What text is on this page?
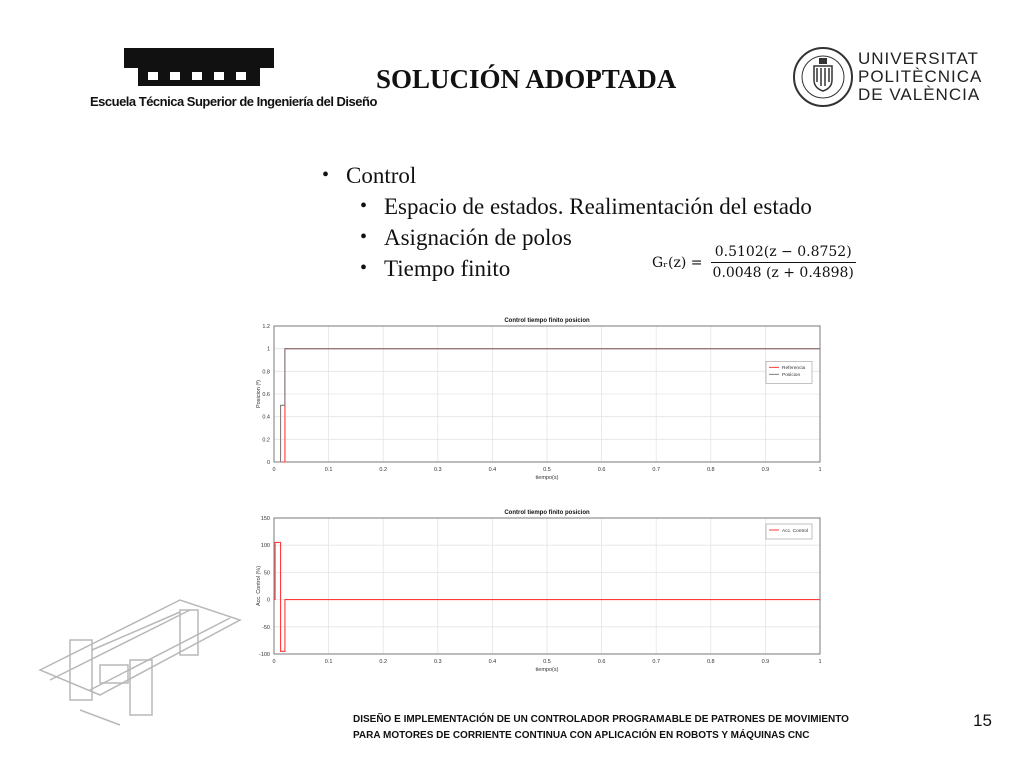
Escuela Técnica Superior de Ingeniería del Diseño
SOLUCIÓN ADOPTADA
UNIVERSITAT
POLITÈCNICA
DE VALÈNCIA
• Control
• Espacio de estados. Realimentación del estado
• Asignación de polos
• Tiempo finito	Gᵣ(z) = $\frac{0.5102(z - 0.8752)}{0.0048 (z + 0.4898)}$
0	0.1	0.2	0.3	0.4	0.5	0.6	0.7	0.8	0.9	1
0
0.2
0.4
0.6
0.8
1
1.2
Control tiempo finito posicion
tiempo(s)
Posicion (º)
Referencia
Posicion
0	0.1	0.2	0.3	0.4	0.5	0.6	0.7	0.8	0.9	1
-100
-50
0
50
100
150
Control tiempo finito posicion
tiempo(s)
Acc. Control (%)
Acc. Control
DISEÑO E IMPLEMENTACIÓN DE UN CONTROLADOR PROGRAMABLE DE PATRONES DE MOVIMIENTO
PARA MOTORES DE CORRIENTE CONTINUA CON APLICACIÓN EN ROBOTS Y MÁQUINAS CNC
15
